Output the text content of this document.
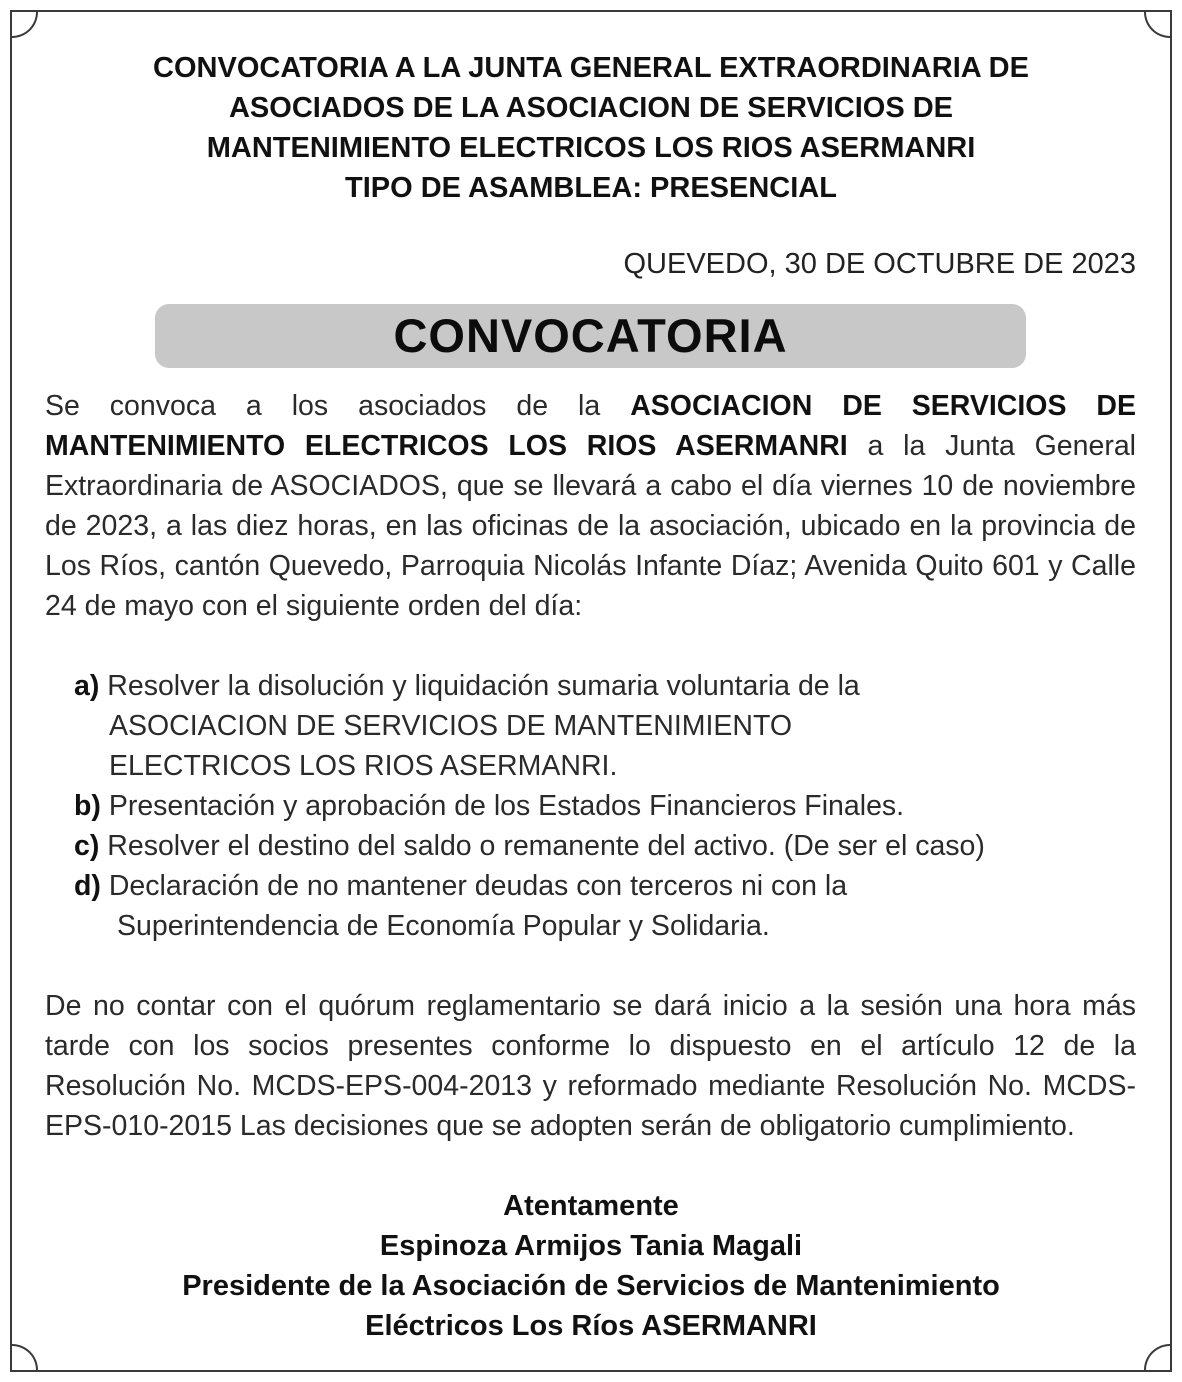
CONVOCATORIA A LA JUNTA GENERAL EXTRAORDINARIA DE
ASOCIADOS DE LA ASOCIACION DE SERVICIOS DE
MANTENIMIENTO ELECTRICOS LOS RIOS ASERMANRI
TIPO DE ASAMBLEA: PRESENCIAL
QUEVEDO, 30 DE OCTUBRE DE 2023
CONVOCATORIA
Se convoca a los asociados de la ASOCIACION DE SERVICIOS DE MANTENIMIENTO ELECTRICOS LOS RIOS ASERMANRI a la Junta General Extraordinaria de ASOCIADOS, que se llevará a cabo el día viernes 10 de noviembre de 2023, a las diez horas, en las oficinas de la asociación, ubicado en la provincia de Los Ríos, cantón Quevedo, Parroquia Nicolás Infante Díaz; Avenida Quito 601 y Calle 24 de mayo con el siguiente orden del día:
a) Resolver la disolución y liquidación sumaria voluntaria de la
ASOCIACION DE SERVICIOS DE MANTENIMIENTO
ELECTRICOS LOS RIOS ASERMANRI.
b) Presentación y aprobación de los Estados Financieros Finales.
c) Resolver el destino del saldo o remanente del activo. (De ser el caso)
d) Declaración de no mantener deudas con terceros ni con la
Superintendencia de Economía Popular y Solidaria.
De no contar con el quórum reglamentario se dará inicio a la sesión una hora más tarde con los socios presentes conforme lo dispuesto en el artículo 12 de la Resolución No. MCDS-EPS-004-2013 y reformado mediante Resolución No. MCDS-EPS-010-2015 Las decisiones que se adopten serán de obligatorio cumplimiento.
Atentamente
Espinoza Armijos Tania Magali
Presidente de la Asociación de Servicios de Mantenimiento
Eléctricos Los Ríos ASERMANRI
